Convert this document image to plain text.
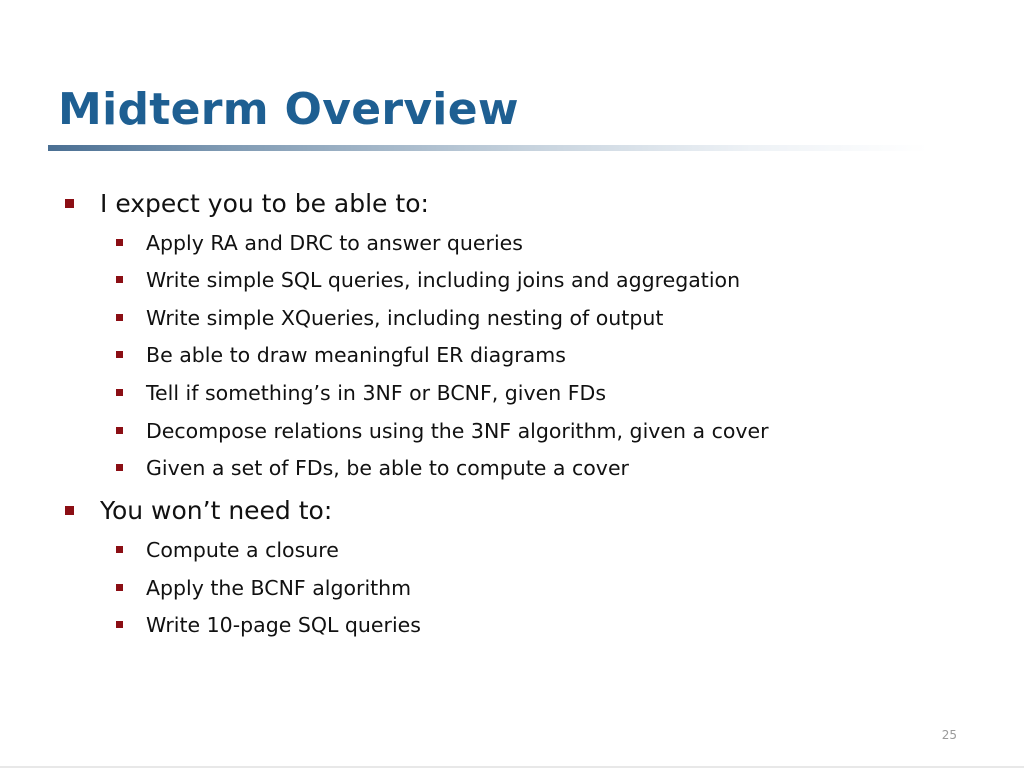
Midterm Overview
I expect you to be able to:
Apply RA and DRC to answer queries
Write simple SQL queries, including joins and aggregation
Write simple XQueries, including nesting of output
Be able to draw meaningful ER diagrams
Tell if something’s in 3NF or BCNF, given FDs
Decompose relations using the 3NF algorithm, given a cover
Given a set of FDs, be able to compute a cover
You won’t need to:
Compute a closure
Apply the BCNF algorithm
Write 10-page SQL queries
25
